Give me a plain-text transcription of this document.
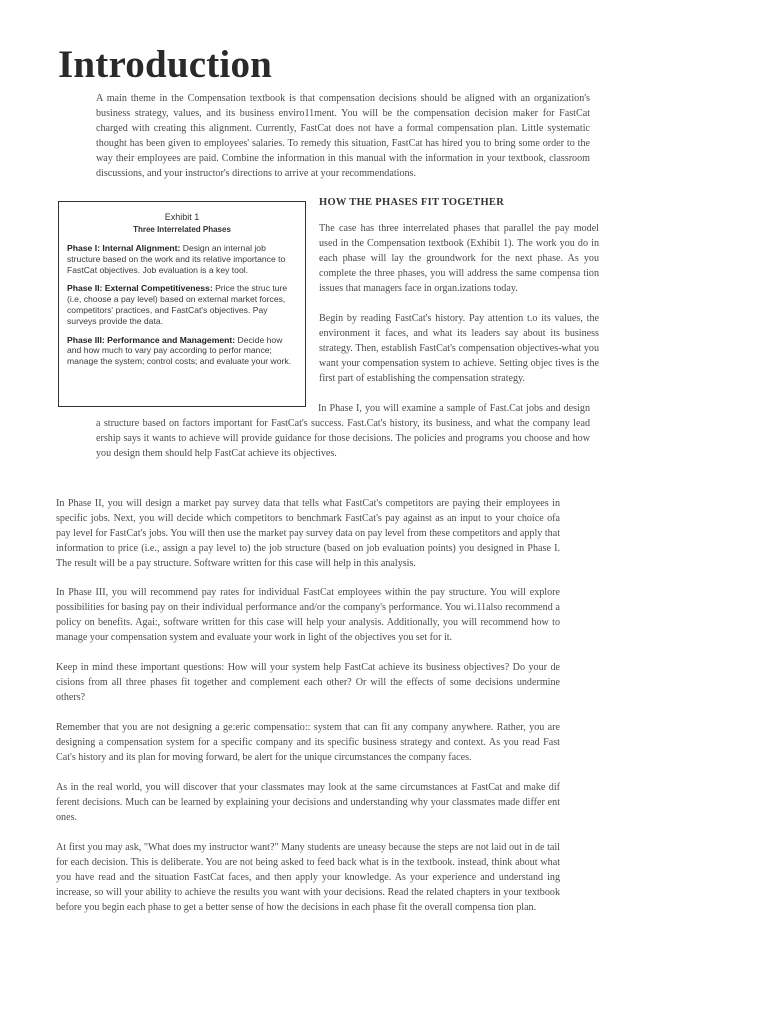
Introduction

A main theme in the Compensation textbook is that compensation decisions should be aligned with an organization's business strategy, values, and its business enviro11ment. You will be the compensation decision maker for FastCat charged with creating this alignment. Currently, FastCat does not have a formal compensation plan. Little systematic thought has been given to employees' salaries. To remedy this situation, FastCat has hired you to bring some order to the way their employees are paid. Combine the information in this manual with the information in your textbook, classroom discussions, and your instructor's directions to arrive at your recommendations.

Exhibit 1
Three Interrelated Phases

Phase I: Internal Alignment: Design an internal job structure based on the work and its relative importance to FastCat objectives. Job evaluation is a key tool.

Phase II: External Competitiveness: Price the struc ture (i.e, choose a pay level) based on external market forces, competitors' practices, and FastCat's objectives. Pay surveys provide the data.

Phase III: Performance and Management: Decide how and how much to vary pay according to perfor mance; manage the system; control costs; and evaluate your work.

HOW THE PHASES FIT TOGETHER

The case has three interrelated phases that parallel the pay model used in the Compensation textbook (Exhibit 1). The work you do in each phase will lay the groundwork for the next phase. As you complete the three phases, you will address the same compensa tion issues that managers face in organ.izations today.

Begin by reading FastCat's history. Pay attention t.o its values, the environment it faces, and what its leaders say about its business strategy. Then, establish FastCat's compensation objectives-what you want your compensation system to achieve. Setting objec tives is the first part of establishing the compensation strategy.

In Phase I, you will examine a sample of Fast.Cat jobs and design a structure based on factors important for FastCat's success. Fast.Cat's history, its business, and what the company lead ership says it wants to achieve will provide guidance for those decisions. The policies and programs you choose and how you design them should help FastCat achieve its objectives.

In Phase II, you will design a market pay survey data that tells what FastCat's competitors are paying their employees in specific jobs. Next, you will decide which competitors to benchmark FastCat's pay against as an input to your choice ofa pay level for FastCat's jobs. You will then use the market pay survey data on pay level from these competitors and apply that information to price (i.e., assign a pay level to) the job structure (based on job evaluation points) you designed in Phase I. The result will be a pay structure. Software written for this case will help in this analysis.

In Phase III, you will recommend pay rates for individual FastCat employees within the pay structure. You will explore possibilities for basing pay on their individual performance and/or the company's performance. You wi.11also recommend a policy on benefits. Agai:, software written for this case will help your analysis. Additionally, you will recommend how to manage your compensation system and evaluate your work in light of the objectives you set for it.

Keep in mind these important questions: How will your system help FastCat achieve its business objectives? Do your de cisions from all three phases fit together and complement each other? Or will the effects of some decisions undermine others?

Remember that you are not designing a ge:eric compensatio:: system that can fit any company anywhere. Rather, you are designing a compensation system for a specific company and its specific business strategy and context. As you read Fast Cat's history and its plan for moving forward, be alert for the unique circumstances the company faces.

As in the real world, you will discover that your classmates may look at the same circumstances at FastCat and make dif ferent decisions. Much can be learned by explaining your decisions and understanding why your classmates made differ ent ones.

At first you may ask, "What does my instructor want?" Many students are uneasy because the steps are not laid out in de tail for each decision. This is deliberate. You are not being asked to feed back what is in the textbook. instead, think about what you have read and the situation FastCat faces, and then apply your knowledge. As your experience and understand ing increase, so will your ability to achieve the results you want with your decisions. Read the related chapters in your textbook before you begin each phase to get a better sense of how the decisions in each phase fit the overall compensa tion plan.
